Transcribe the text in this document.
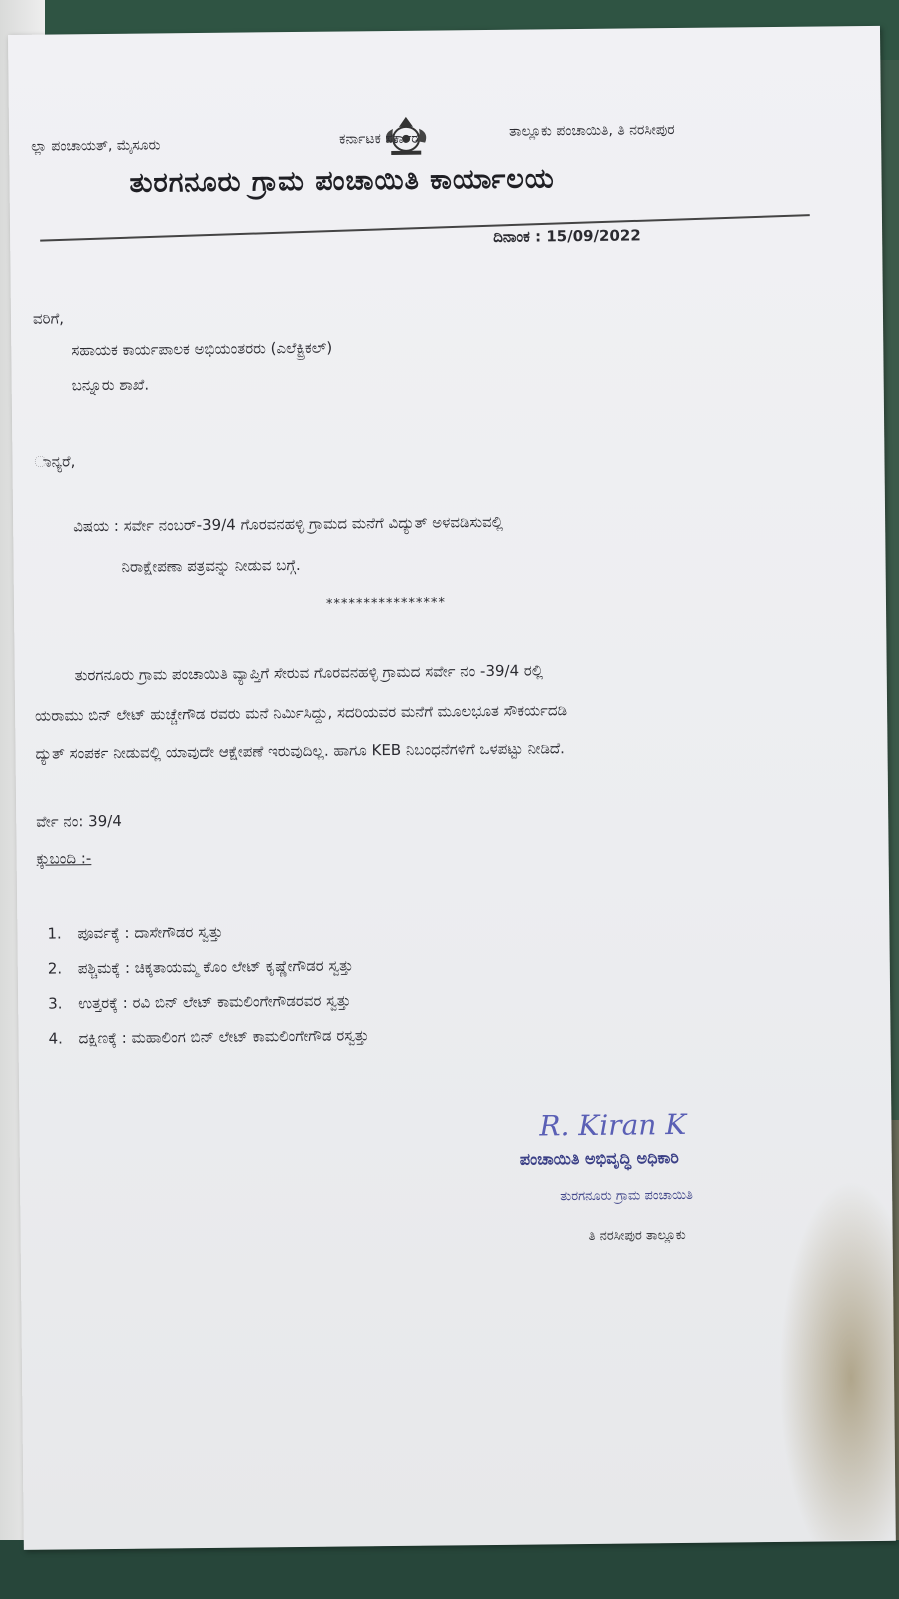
ಲ್ಲಾ ಪಂಚಾಯತ್, ಮೈಸೂರು	ಕರ್ನಾಟಕ ಸರ್ಕಾರ	ತಾಲ್ಲೂಕು ಪಂಚಾಯಿತಿ, ತಿ ನರಸೀಪುರ
ತುರಗನೂರು ಗ್ರಾಮ ಪಂಚಾಯಿತಿ ಕಾರ್ಯಾಲಯ
ದಿನಾಂಕ : 15/09/2022
ವರಿಗೆ,
ಸಹಾಯಕ ಕಾರ್ಯಪಾಲಕ ಅಭಿಯಂತರರು (ಎಲೆಕ್ಟ್ರಿಕಲ್)
ಬನ್ನೂರು ಶಾಖೆ.
ಾನ್ಯರೆ,
ವಿಷಯ : ಸರ್ವೇ ನಂಬರ್-39/4 ಗೊರವನಹಳ್ಳಿ ಗ್ರಾಮದ ಮನೆಗೆ ವಿದ್ಯುತ್ ಅಳವಡಿಸುವಲ್ಲಿ
ನಿರಾಕ್ಷೇಪಣಾ ಪತ್ರವನ್ನು ನೀಡುವ ಬಗ್ಗೆ.
****************
ತುರಗನೂರು ಗ್ರಾಮ ಪಂಚಾಯಿತಿ ವ್ಯಾಪ್ತಿಗೆ ಸೇರುವ ಗೊರವನಹಳ್ಳಿ ಗ್ರಾಮದ ಸರ್ವೇ ನಂ -39/4 ರಲ್ಲಿ
ಯರಾಮು ಬಿನ್ ಲೇಟ್ ಹುಚ್ಚೇಗೌಡ ರವರು ಮನೆ ನಿರ್ಮಿಸಿದ್ದು, ಸದರಿಯವರ ಮನೆಗೆ ಮೂಲಭೂತ ಸೌಕರ್ಯದಡಿ
ದ್ಯುತ್ ಸಂಪರ್ಕ ನೀಡುವಲ್ಲಿ ಯಾವುದೇ ಆಕ್ಷೇಪಣೆ ಇರುವುದಿಲ್ಲ. ಹಾಗೂ KEB ನಿಬಂಧನೆಗಳಿಗೆ ಒಳಪಟ್ಟು ನೀಡಿದೆ.
ರ್ವೇ ನಂ: 39/4
ಕ್ಕುಬಂದಿ :-
1. ಪೂರ್ವಕ್ಕೆ : ದಾಸೇಗೌಡರ ಸ್ವತ್ತು
2. ಪಶ್ಚಿಮಕ್ಕೆ : ಚಿಕ್ಕತಾಯಮ್ಮ ಕೊಂ ಲೇಟ್ ಕೃಷ್ಣೇಗೌಡರ ಸ್ವತ್ತು
3. ಉತ್ತರಕ್ಕೆ : ರವಿ ಬಿನ್ ಲೇಟ್ ಕಾಮಲಿಂಗೇಗೌಡರವರ ಸ್ವತ್ತು
4. ದಕ್ಷಿಣಕ್ಕೆ : ಮಹಾಲಿಂಗ ಬಿನ್ ಲೇಟ್ ಕಾಮಲಿಂಗೇಗೌಡ ರಸ್ವತ್ತು
R. Kiran K
ಪಂಚಾಯಿತಿ ಅಭಿವೃದ್ಧಿ ಅಧಿಕಾರಿ
ತುರಗನೂರು ಗ್ರಾಮ ಪಂಚಾಯಿತಿ
ತಿ ನರಸೀಪುರ ತಾಲ್ಲೂಕು
